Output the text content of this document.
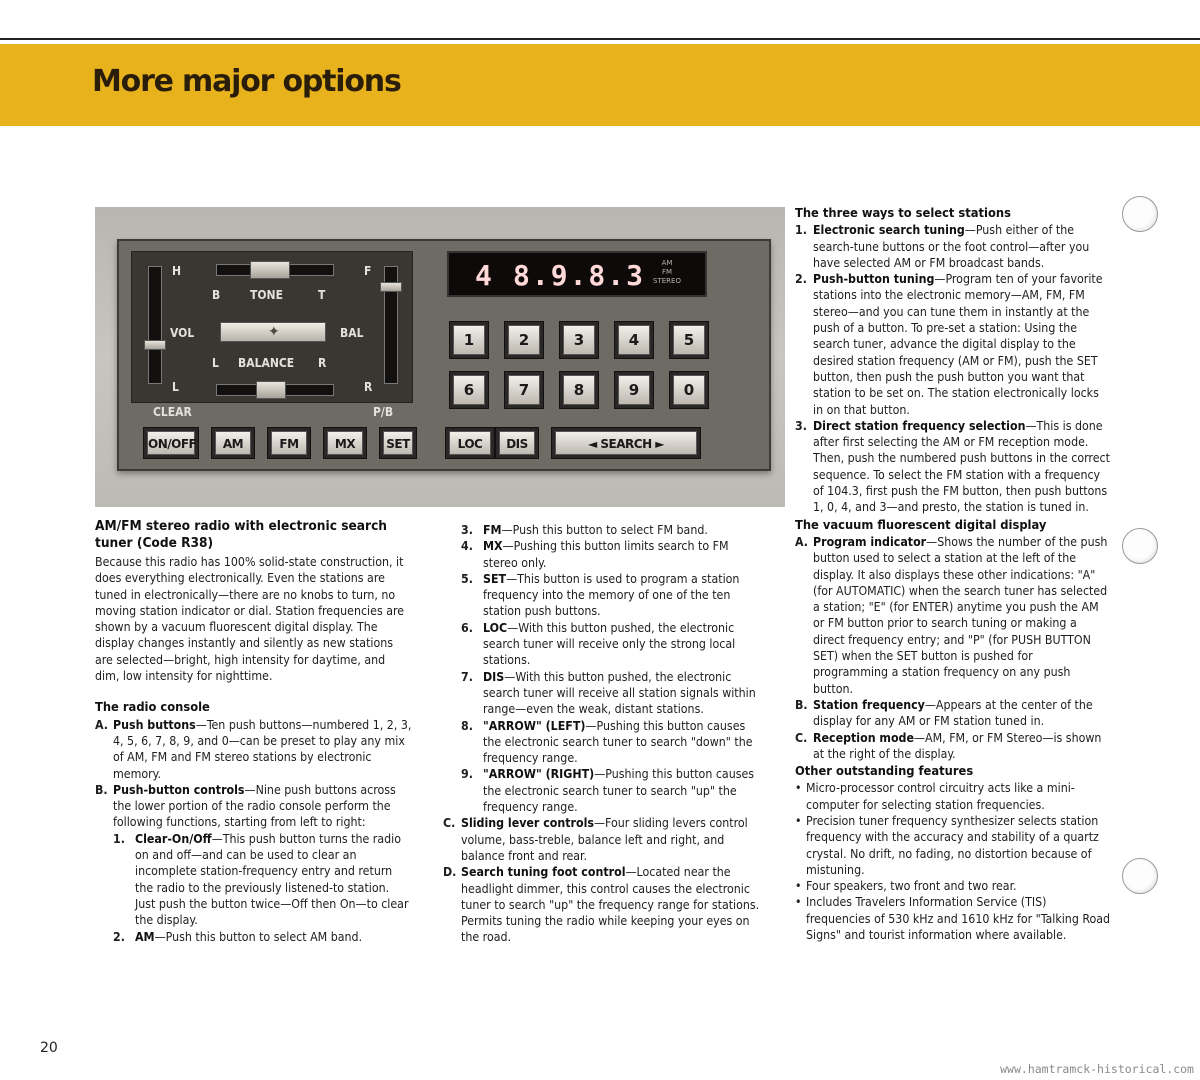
More major options
✦
H	F
B TONE	T
VOL	BAL
L BALANCE R
L	R
CLEAR	P/B
4 8.9.8.3	AM
FM
STEREO
1	2	3	4	5
6	7	8	9	0
ON/OFF	AM	FM	MX	SET	LOC	DIS	◄ SEARCH ►
AM/FM stereo radio with electronic search tuner (Code R38)

Because this radio has 100% solid-state construction, it does everything electronically. Even the stations are tuned in electronically—there are no knobs to turn, no moving station indicator or dial. Station frequencies are shown by a vacuum fluorescent digital display. The display changes instantly and silently as new stations are selected—bright, high intensity for daytime, and dim, low intensity for nighttime.

The radio console
A. Push buttons—Ten push buttons—numbered 1, 2, 3, 4, 5, 6, 7, 8, 9, and 0—can be preset to play any mix of AM, FM and FM stereo stations by electronic memory.
B. Push-button controls—Nine push buttons across the lower portion of the radio console perform the following functions, starting from left to right:
1. Clear-On/Off—This push button turns the radio on and off—and can be used to clear an incomplete station-frequency entry and return the radio to the previously listened-to station. Just push the button twice—Off then On—to clear the display.
2. AM—Push this button to select AM band.
3. FM—Push this button to select FM band.
4. MX—Pushing this button limits search to FM stereo only.
5. SET—This button is used to program a station frequency into the memory of one of the ten station push buttons.
6. LOC—With this button pushed, the electronic search tuner will receive only the strong local stations.
7. DIS—With this button pushed, the electronic search tuner will receive all station signals within range—even the weak, distant stations.
8. "ARROW" (LEFT)—Pushing this button causes the electronic search tuner to search "down" the frequency range.
9. "ARROW" (RIGHT)—Pushing this button causes the electronic search tuner to search "up" the frequency range.
C. Sliding lever controls—Four sliding levers control volume, bass-treble, balance left and right, and balance front and rear.
D. Search tuning foot control—Located near the headlight dimmer, this control causes the electronic tuner to search "up" the frequency range for stations. Permits tuning the radio while keeping your eyes on the road.
The three ways to select stations
1. Electronic search tuning—Push either of the search-tune buttons or the foot control—after you have selected AM or FM broadcast bands.
2. Push-button tuning—Program ten of your favorite stations into the electronic memory—AM, FM, FM stereo—and you can tune them in instantly at the push of a button. To pre-set a station: Using the search tuner, advance the digital display to the desired station frequency (AM or FM), push the SET button, then push the push button you want that station to be set on. The station electronically locks in on that button.
3. Direct station frequency selection—This is done after first selecting the AM or FM reception mode. Then, push the numbered push buttons in the correct sequence. To select the FM station with a frequency of 104.3, first push the FM button, then push buttons 1, 0, 4, and 3—and presto, the station is tuned in.
The vacuum fluorescent digital display
A. Program indicator—Shows the number of the push button used to select a station at the left of the display. It also displays these other indications: "A" (for AUTOMATIC) when the search tuner has selected a station; "E" (for ENTER) anytime you push the AM or FM button prior to search tuning or making a direct frequency entry; and "P" (for PUSH BUTTON SET) when the SET button is pushed for programming a station frequency on any push button.
B. Station frequency—Appears at the center of the display for any AM or FM station tuned in.
C. Reception mode—AM, FM, or FM Stereo—is shown at the right of the display.
Other outstanding features
• Micro-processor control circuitry acts like a mini-computer for selecting station frequencies.
• Precision tuner frequency synthesizer selects station frequency with the accuracy and stability of a quartz crystal. No drift, no fading, no distortion because of mistuning.
• Four speakers, two front and two rear.
• Includes Travelers Information Service (TIS) frequencies of 530 kHz and 1610 kHz for "Talking Road Signs" and tourist information where available.
20
www.hamtramck-historical.com
